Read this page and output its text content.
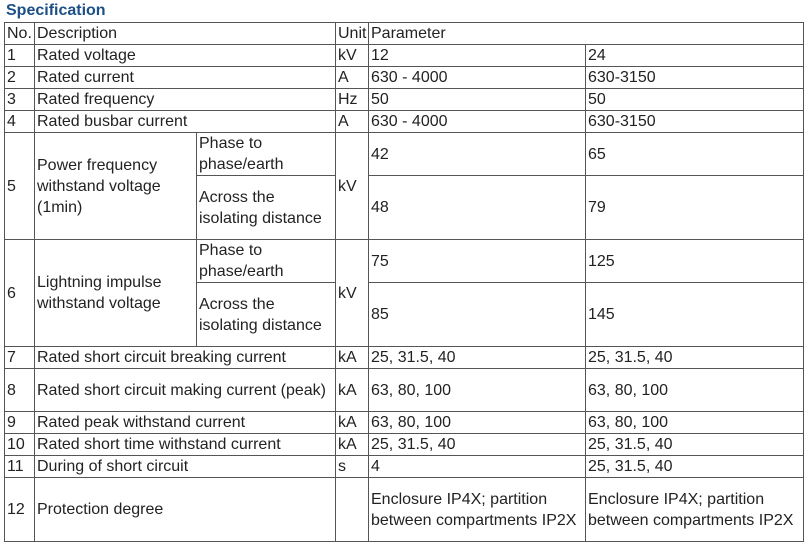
Specification
No.	Description		Unit	Parameter	
1	Rated voltage		kV	12	24
2	Rated current		A	630 - 4000	630-3150
3	Rated frequency		Hz	50	50
4	Rated busbar current		A	630 - 4000	630-3150
5	Power frequency withstand voltage (1min)	Phase to phase/earth	kV	42	65
		Across the isolating distance		48	79
6	Lightning impulse withstand voltage	Phase to phase/earth	kV	75	125
		Across the isolating distance		85	145
7	Rated short circuit breaking current		kA	25, 31.5, 40	25, 31.5, 40
8	Rated short circuit making current (peak)		kA	63, 80, 100	63, 80, 100
9	Rated peak withstand current		kA	63, 80, 100	63, 80, 100
10	Rated short time withstand current		kA	25, 31.5, 40	25, 31.5, 40
11	During of short circuit		s	4	25, 31.5, 40
12	Protection degree			Enclosure IP4X; partition between compartments IP2X	Enclosure IP4X; partition between compartments IP2X
